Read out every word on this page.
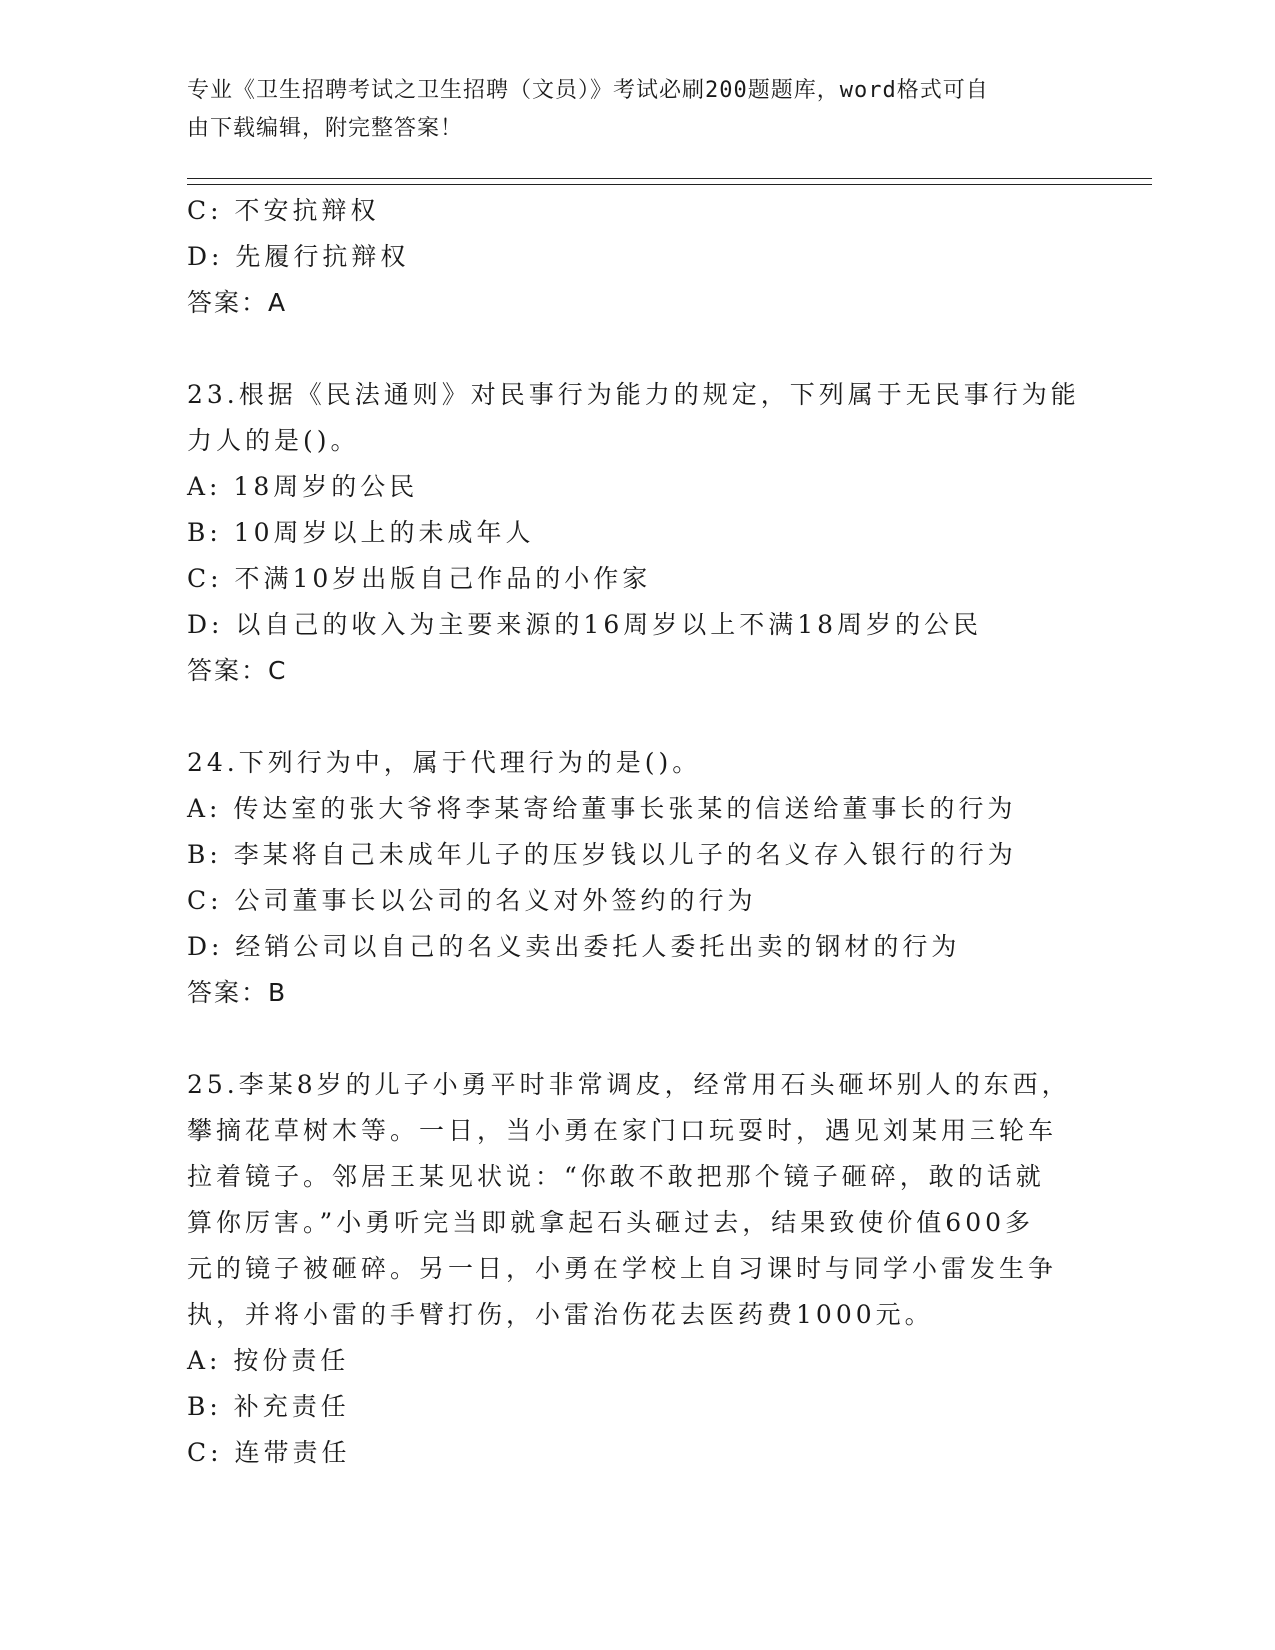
专业《卫生招聘考试之卫生招聘（文员）》考试必刷200题题库，word格式可自
由下载编辑，附完整答案！
C: 不安抗辩权
D: 先履行抗辩权
答案：A
23.根据《民法通则》对民事行为能力的规定，下列属于无民事行为能
力人的是()。
A: 18周岁的公民
B: 10周岁以上的未成年人
C: 不满10岁出版自己作品的小作家
D: 以自己的收入为主要来源的16周岁以上不满18周岁的公民
答案：C
24.下列行为中，属于代理行为的是()。
A: 传达室的张大爷将李某寄给董事长张某的信送给董事长的行为
B: 李某将自己未成年儿子的压岁钱以儿子的名义存入银行的行为
C: 公司董事长以公司的名义对外签约的行为
D: 经销公司以自己的名义卖出委托人委托出卖的钢材的行为
答案：B
25.李某8岁的儿子小勇平时非常调皮，经常用石头砸坏别人的东西，
攀摘花草树木等。一日，当小勇在家门口玩耍时，遇见刘某用三轮车
拉着镜子。邻居王某见状说：“你敢不敢把那个镜子砸碎，敢的话就
算你厉害。”小勇听完当即就拿起石头砸过去，结果致使价值600多
元的镜子被砸碎。另一日，小勇在学校上自习课时与同学小雷发生争
执，并将小雷的手臂打伤，小雷治伤花去医药费1000元。
A: 按份责任
B: 补充责任
C: 连带责任
